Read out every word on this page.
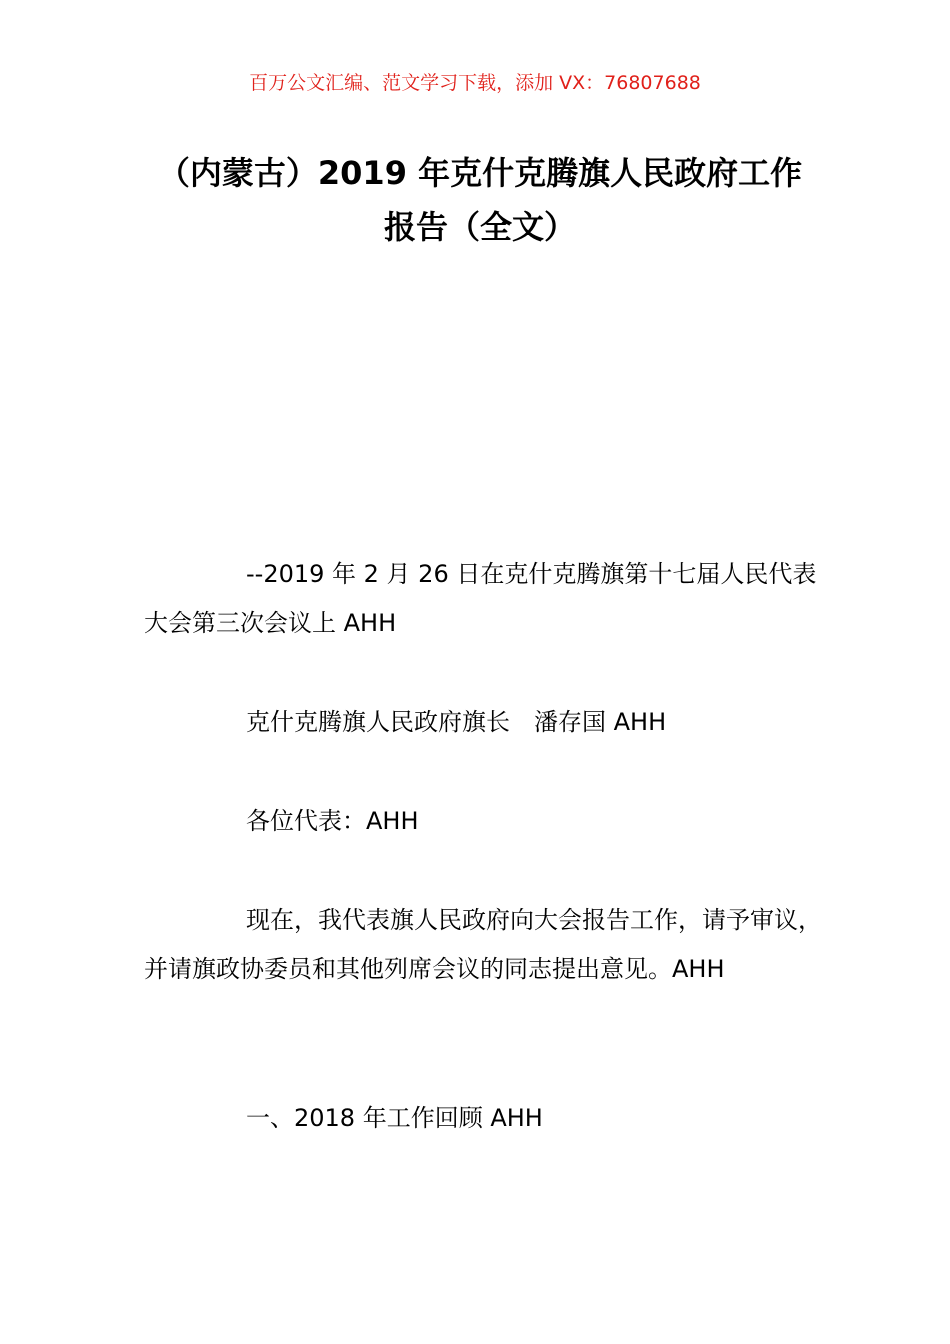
百万公文汇编、范文学习下载，添加 VX：76807688
（内蒙古）2019 年克什克腾旗人民政府工作报告（全文）

--2019 年 2 月 26 日在克什克腾旗第十七届人民代表大会第三次会议上 AHH

克什克腾旗人民政府旗长　潘存国 AHH

各位代表：AHH

现在，我代表旗人民政府向大会报告工作，请予审议，并请旗政协委员和其他列席会议的同志提出意见。AHH

一、2018 年工作回顾 AHH
